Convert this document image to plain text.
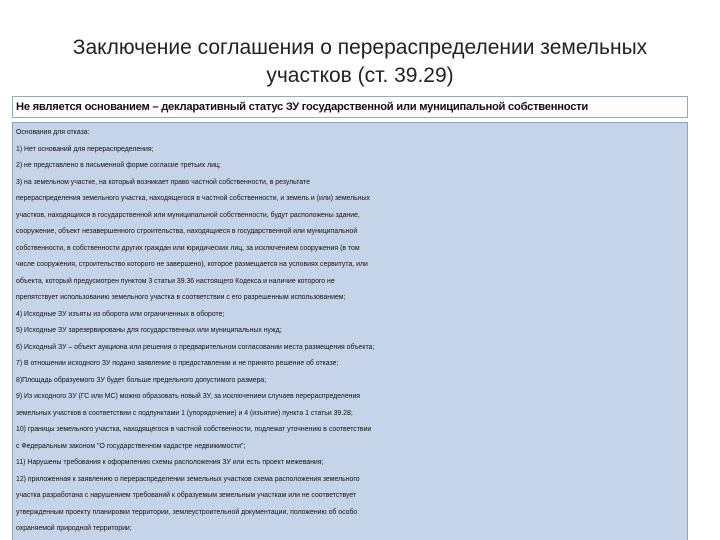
Заключение соглашения о перераспределении земельных
участков (ст. 39.29)
Не является основанием – декларативный статус ЗУ государственной или муниципальной собственности
Основания для отказа:
1) Нет оснований для перераспределения;
2) не представлено в письменной форме согласие третьих лиц;
3) на земельном участке, на который возникает право частной собственности, в результате
перераспределения земельного участка, находящегося в частной собственности, и земель и (или) земельных
участков, находящихся в государственной или муниципальной собственности, будут расположены здание,
сооружение, объект незавершенного строительства, находящиеся в государственной или муниципальной
собственности, в собственности других граждан или юридических лиц, за исключением сооружения (в том
числе сооружения, строительство которого не завершено), которое размещается на условиях сервитута, или
объекта, который предусмотрен пунктом 3 статьи 39.36 настоящего Кодекса и наличие которого не
препятствует использованию земельного участка в соответствии с его разрешенным использованием;
4) Исходные ЗУ изъяты из оборота или ограниченных в обороте;
5) Исходные ЗУ зарезервированы для государственных или муниципальных нужд;
6) Исходный ЗУ – объект аукциона или решения о предварительном согласовании места размещения объекта;
7) В отношении исходного ЗУ подано заявление о предоставлении и не принято решение об отказе;
8)Площадь образуемого ЗУ будет больше предельного допустимого размера;
9) Из исходного ЗУ (ГС или МС) можно образовать новый ЗУ, за исключением случаев перераспределения
земельных участков в соответствии с подпунктами 1 (упорядочение) и 4 (изъятие) пункта 1 статьи 39.28;
10) границы земельного участка, находящегося в частной собственности, подлежат уточнению в соответствии
с Федеральным законом "О государственном кадастре недвижимости";
11) Нарушены требования к оформлению схемы расположения ЗУ или есть проект межевания;
12) приложенная к заявлению о перераспределении земельных участков схема расположения земельного
участка разработана с нарушением требований к образуемым земельным участкам или не соответствует
утвержденным проекту планировки территории, землеустроительной документации, положению об особо
охраняемой природной территории;
